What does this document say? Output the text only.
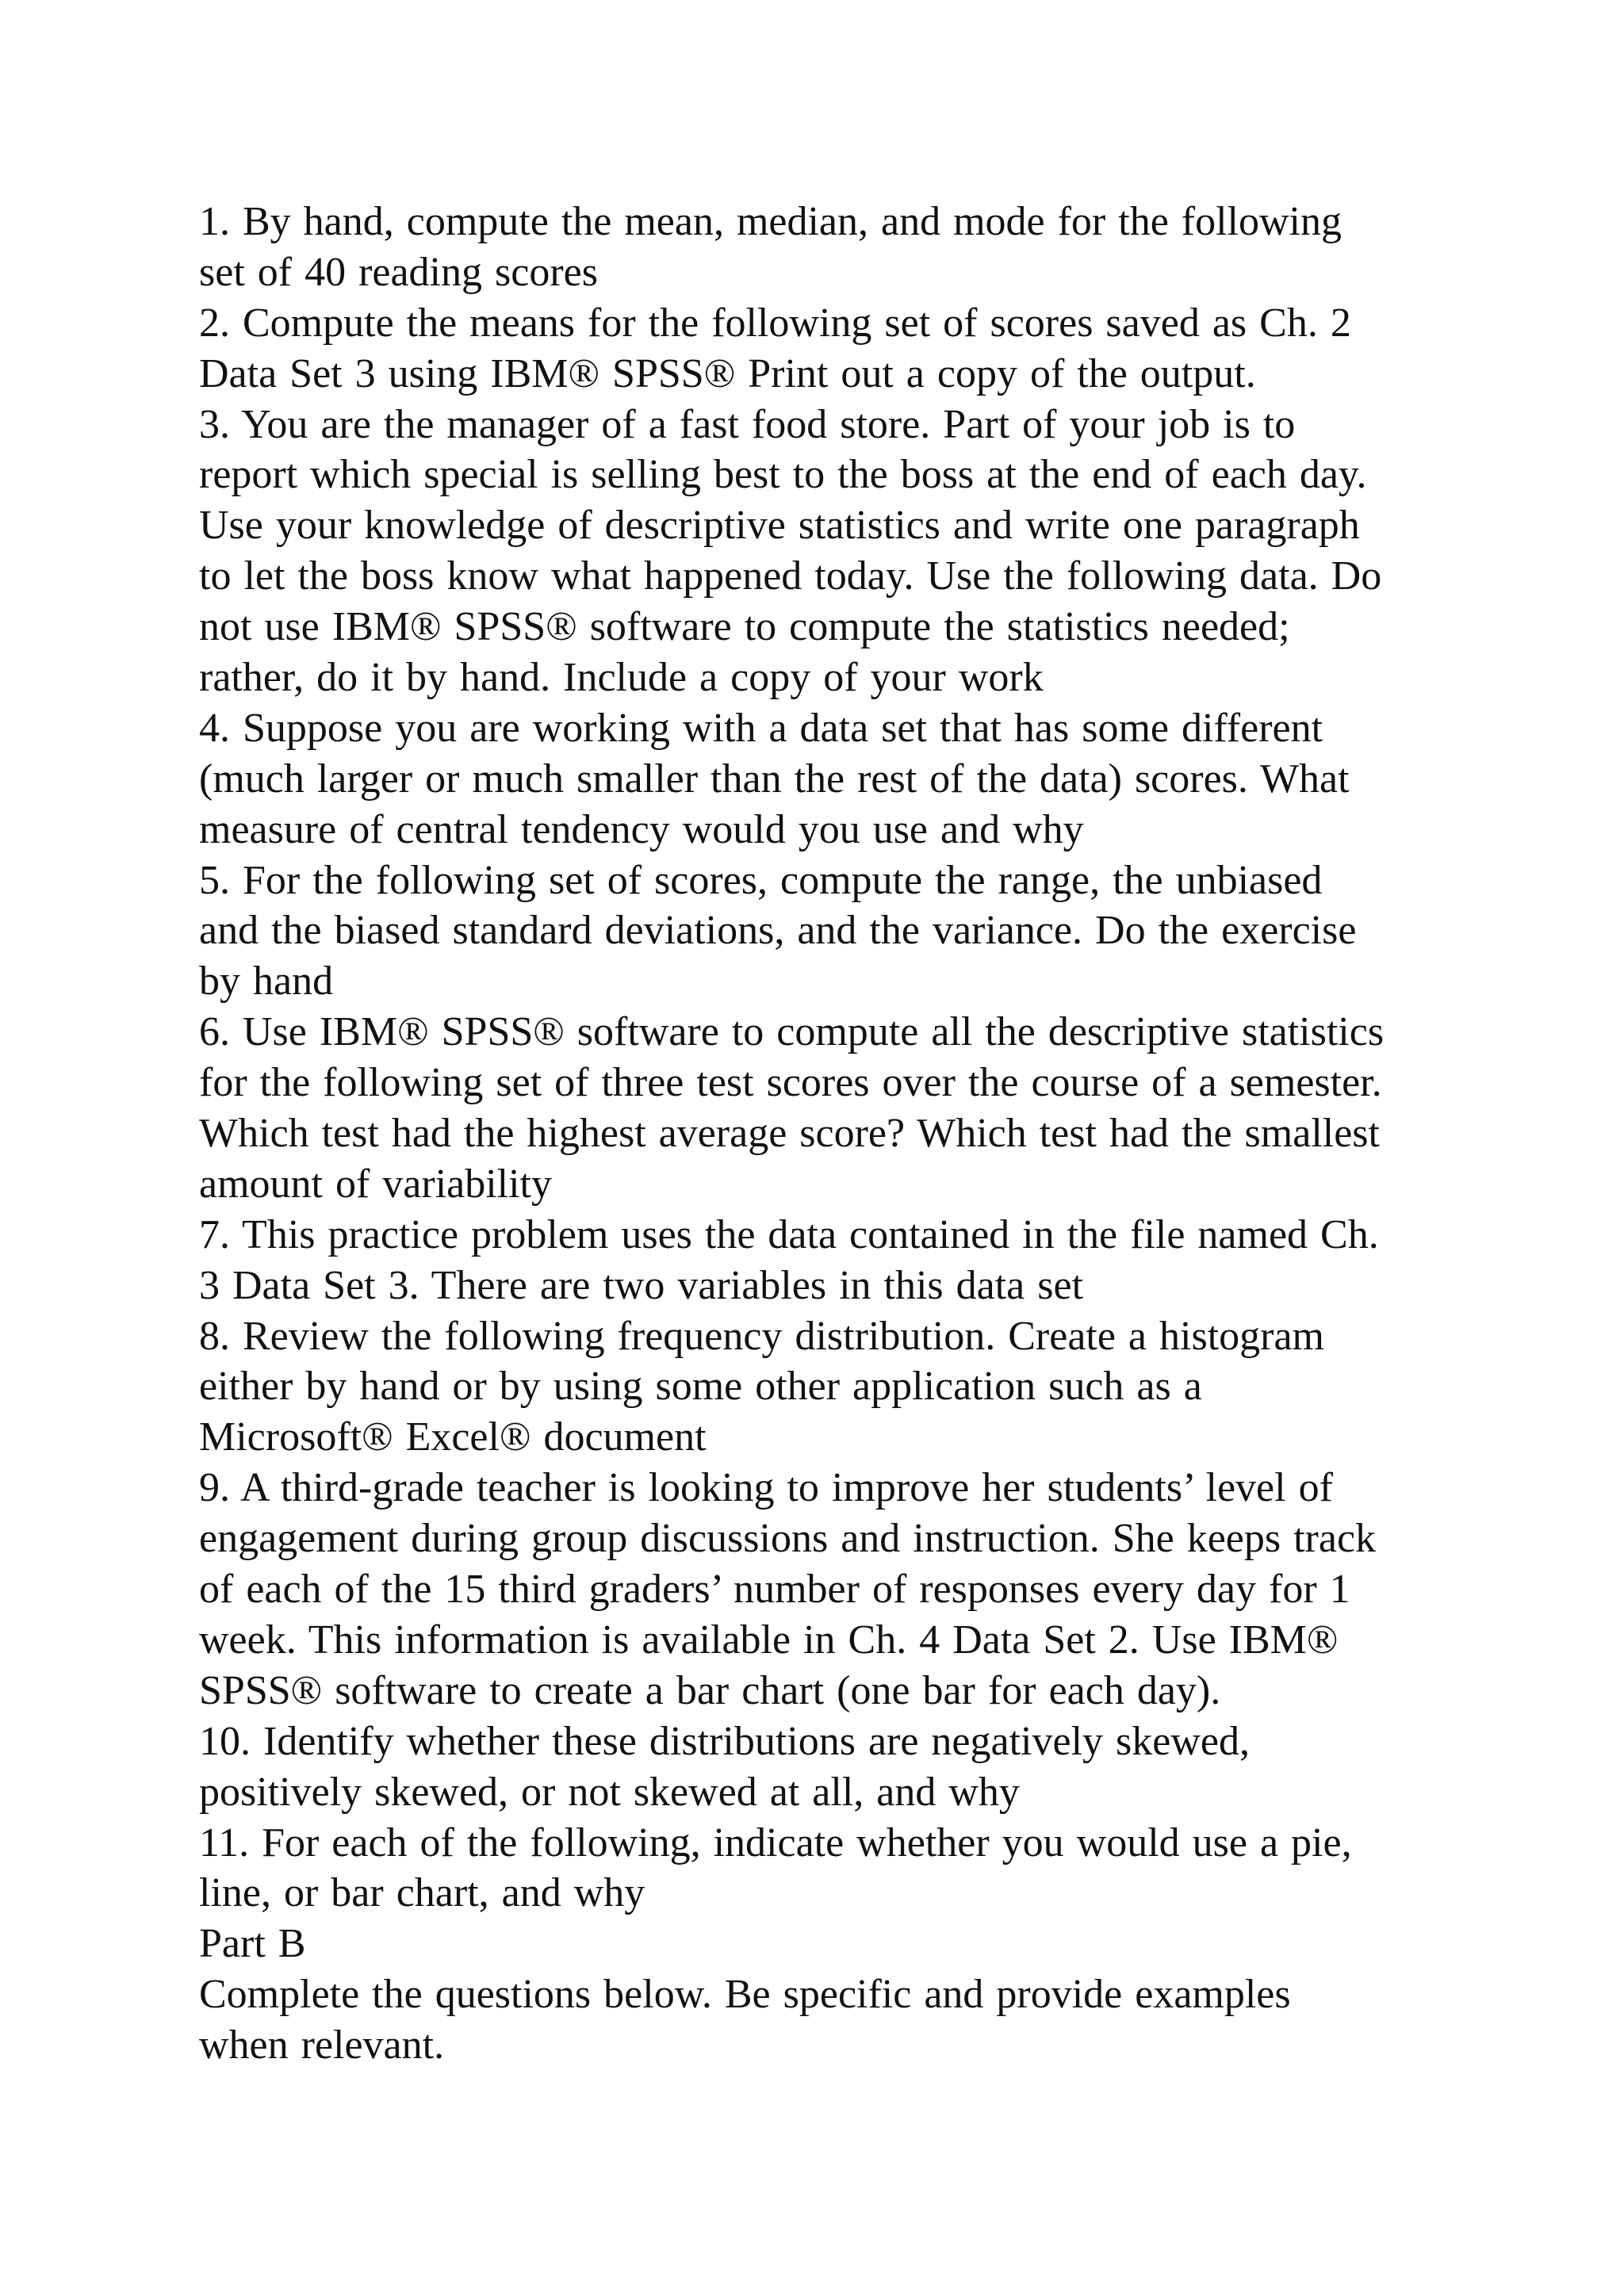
1. By hand, compute the mean, median, and mode for the following
set of 40 reading scores
2. Compute the means for the following set of scores saved as Ch. 2
Data Set 3 using IBM® SPSS® Print out a copy of the output.
3. You are the manager of a fast food store. Part of your job is to
report which special is selling best to the boss at the end of each day.
Use your knowledge of descriptive statistics and write one paragraph
to let the boss know what happened today. Use the following data. Do
not use IBM® SPSS® software to compute the statistics needed;
rather, do it by hand. Include a copy of your work
4. Suppose you are working with a data set that has some different
(much larger or much smaller than the rest of the data) scores. What
measure of central tendency would you use and why
5. For the following set of scores, compute the range, the unbiased
and the biased standard deviations, and the variance. Do the exercise
by hand
6. Use IBM® SPSS® software to compute all the descriptive statistics
for the following set of three test scores over the course of a semester.
Which test had the highest average score? Which test had the smallest
amount of variability
7. This practice problem uses the data contained in the file named Ch.
3 Data Set 3. There are two variables in this data set
8. Review the following frequency distribution. Create a histogram
either by hand or by using some other application such as a
Microsoft® Excel® document
9. A third-grade teacher is looking to improve her students’ level of
engagement during group discussions and instruction. She keeps track
of each of the 15 third graders’ number of responses every day for 1
week. This information is available in Ch. 4 Data Set 2. Use IBM®
SPSS® software to create a bar chart (one bar for each day).
10. Identify whether these distributions are negatively skewed,
positively skewed, or not skewed at all, and why
11. For each of the following, indicate whether you would use a pie,
line, or bar chart, and why
Part B
Complete the questions below. Be specific and provide examples
when relevant.
